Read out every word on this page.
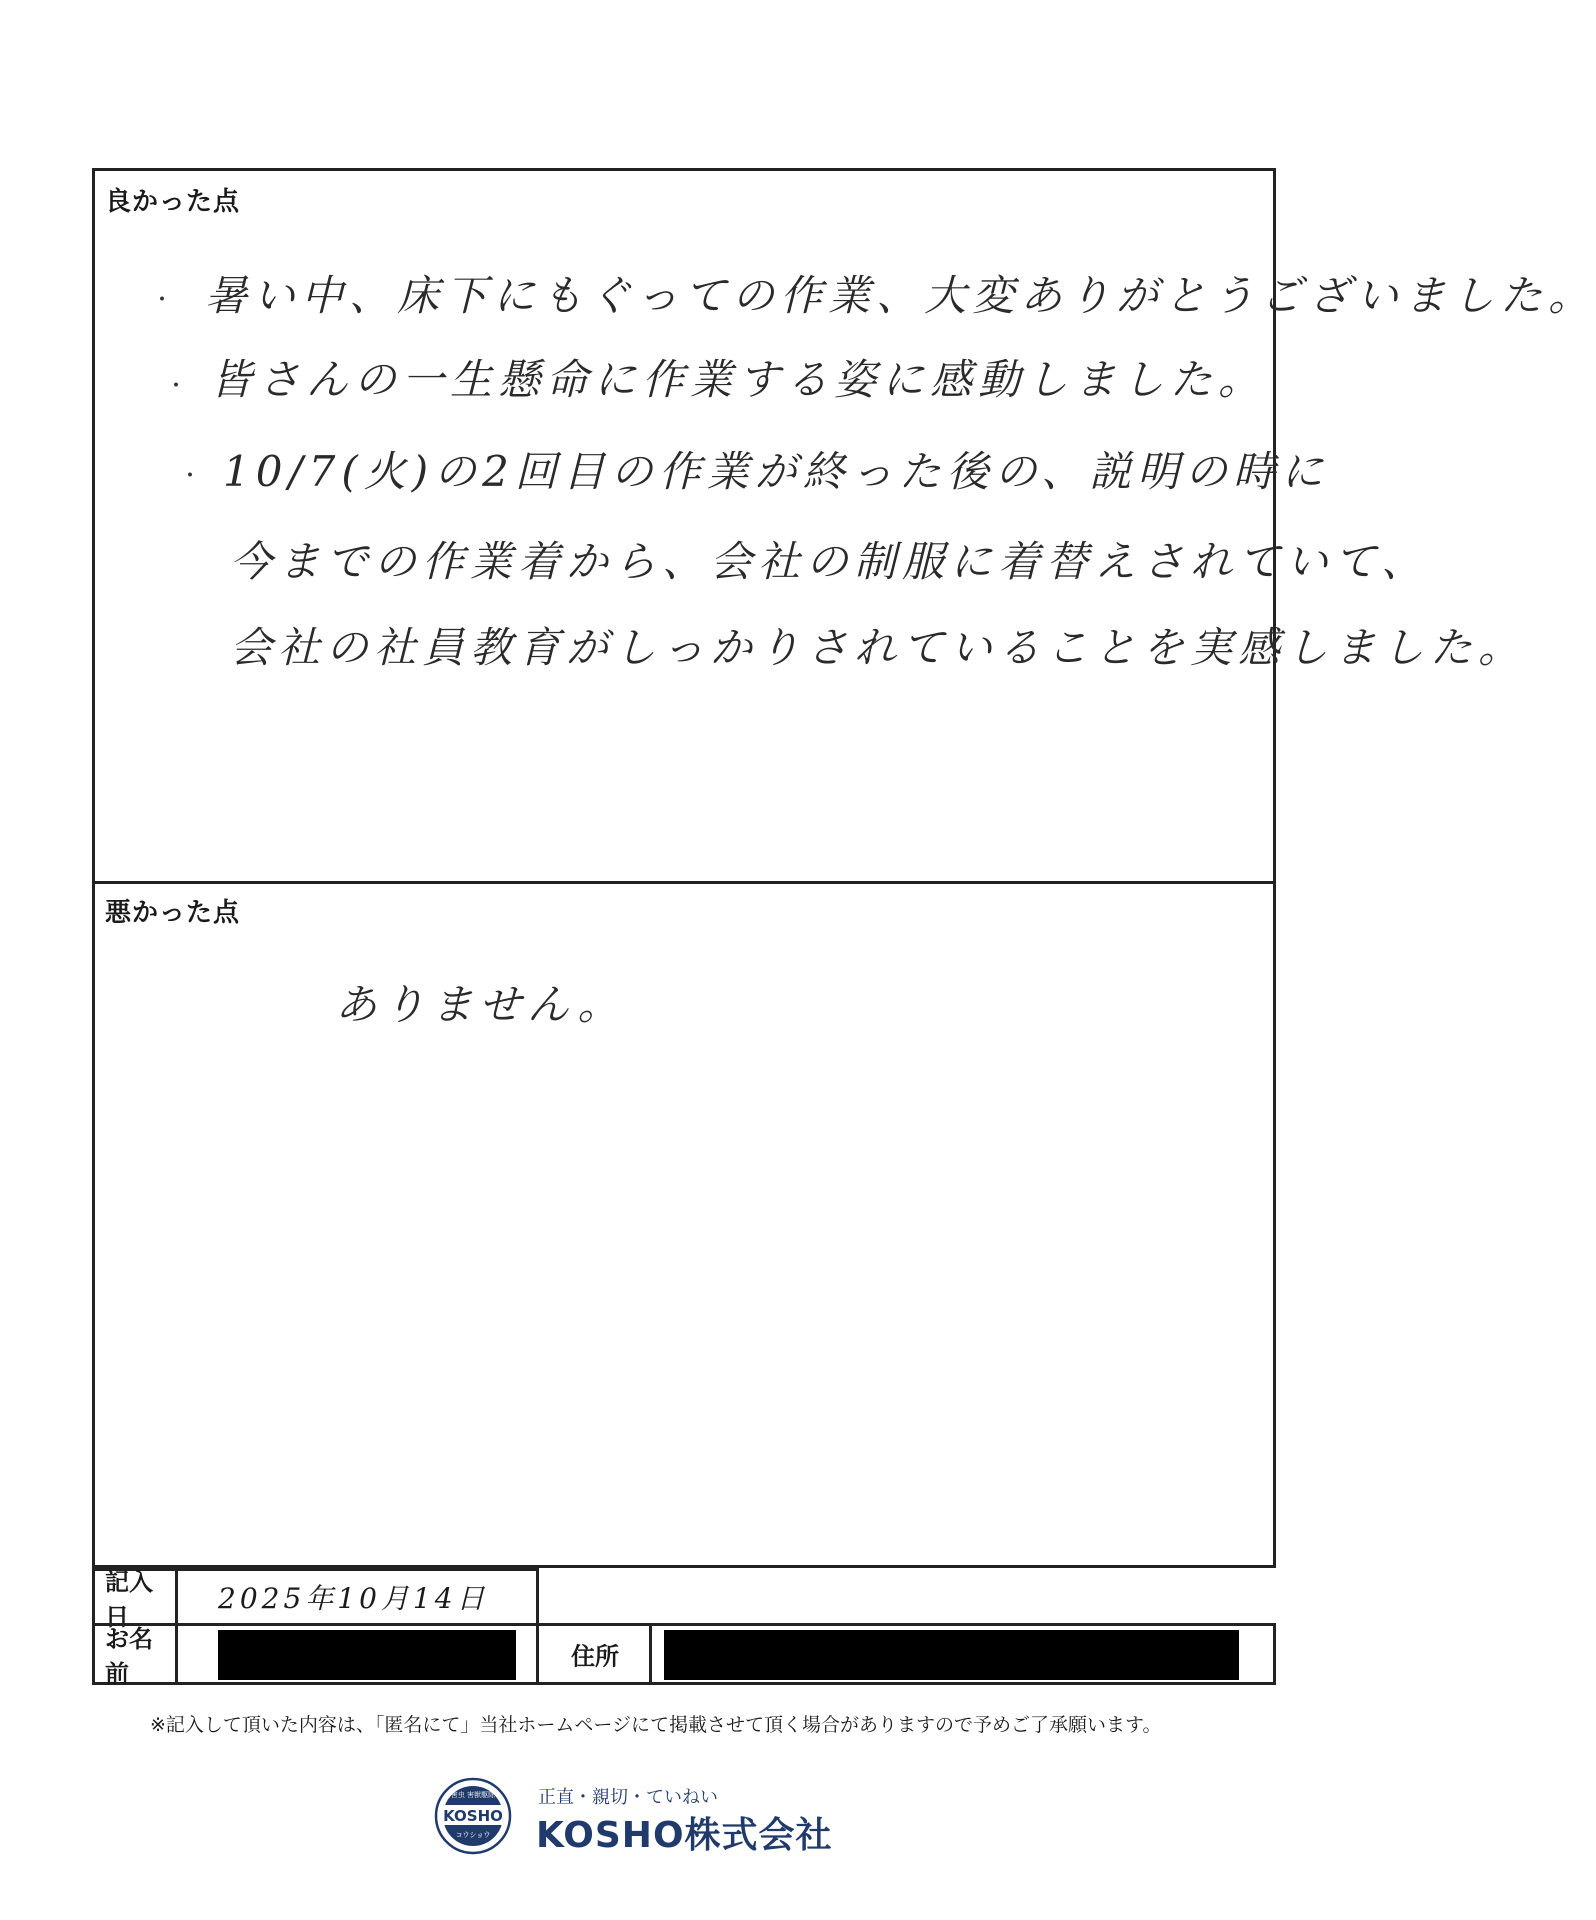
良かった点
・ 暑い中、床下にもぐっての作業、大変ありがとうございました。
・ 皆さんの一生懸命に作業する姿に感動しました。
・ 10/7(火)の2回目の作業が終った後の、説明の時に
今までの作業着から、会社の制服に着替えされていて、
会社の社員教育がしっかりされていることを実感しました。
悪かった点
ありません。
記入日
2025年10月14日
お名前
住所
※記入して頂いた内容は、「匿名にて」当社ホームページにて掲載させて頂く場合がありますので予めご了承願います。
害虫 害獣駆除
KOSHO
コウショウ
正直・親切・ていねい
KOSHO株式会社
